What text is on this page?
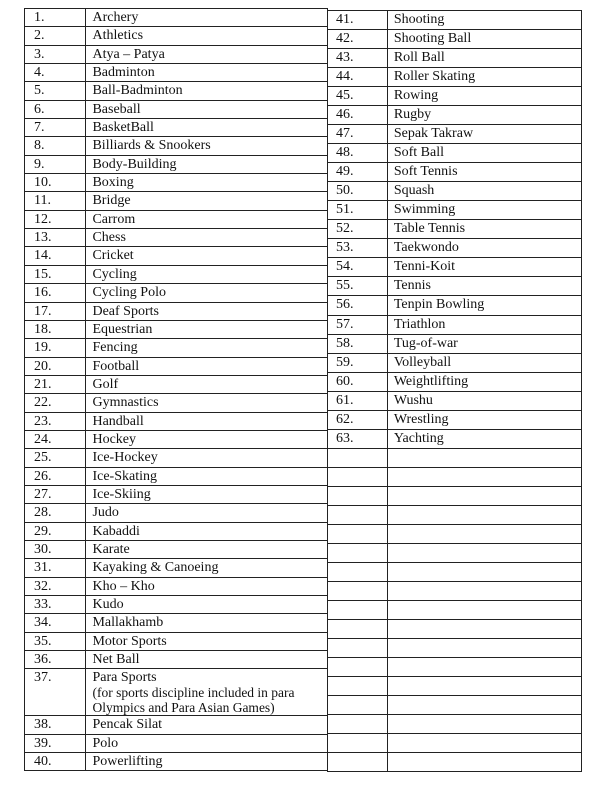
1.	Archery

2.	Athletics

3.	Atya – Patya

4.	Badminton

5.	Ball-Badminton

6.	Baseball

7.	BasketBall

8.	Billiards & Snookers

9.	Body-Building

10.	Boxing

11.	Bridge

12.	Carrom

13.	Chess

14.	Cricket

15.	Cycling

16.	Cycling Polo

17.	Deaf Sports

18.	Equestrian

19.	Fencing

20.	Football

21.	Golf

22.	Gymnastics

23.	Handball

24.	Hockey

25.	Ice-Hockey

26.	Ice-Skating

27.	Ice-Skiing

28.	Judo

29.	Kabaddi

30.	Karate

31.	Kayaking & Canoeing

32.	Kho – Kho

33.	Kudo

34.	Mallakhamb

35.	Motor Sports

36.	Net Ball

37.	Para Sports
(for sports discipline included in para Olympics and Para Asian Games)

38.	Pencak Silat

39.	Polo

40.	Powerlifting
41.	Shooting

42.	Shooting Ball

43.	Roll Ball

44.	Roller Skating

45.	Rowing

46.	Rugby

47.	Sepak Takraw

48.	Soft Ball

49.	Soft Tennis

50.	Squash

51.	Swimming

52.	Table Tennis

53.	Taekwondo

54.	Tenni-Koit

55.	Tennis

56.	Tenpin Bowling

57.	Triathlon

58.	Tug-of-war

59.	Volleyball

60.	Weightlifting

61.	Wushu

62.	Wrestling

63.	Yachting
